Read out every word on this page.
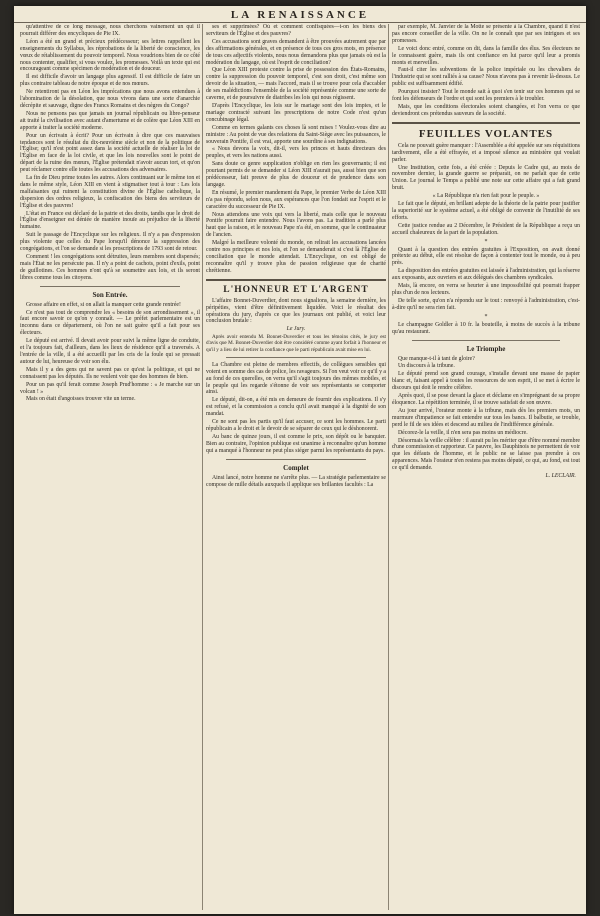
LA RENAISSANCE

qu'attentive de ce long message, nous cherchons vainement un qui il pourrait différer des encycliques de Pie IX.

Léon a été un grand et précieux prédécesseur; ses lettres rappellent les enseignements du Syllabus, les réprobations de la liberté de conscience, les vœux de rétablissement du pouvoir temporel. Nous voudrions bien de ce côté nous contenter, qualifier, si vous voulez, les promesses. Voilà un texte qui est encourageant comme spécimen de modération et de douceur.

Il est difficile d'avoir un langage plus agressif. Il est difficile de faire un plus contraire tableau de notre époque et de nos mœurs.

Ne retentiront pas en Léon les imprécations que nous avons entendues à l'abomination de la désolation, que nous vivons dans une sorte d'anarchie décrépite et sauvage, digne des Francs Romains et des nègres du Congo?

Nous ne pensons pas que jamais un journal républicain ou libre-penseur ait traité la civilisation avec autant d'amertume et de colère que Léon XIII en apporte à traiter la société moderne.

Pour un écrivain à écrit? Pour un écrivain à dire que ces mauvaises tendances sont le résultat du dix-neuvième siècle et non de la politique de l'Église; qu'il n'est point assez dans la société actuelle de réaliser la loi de l'Église en face de la loi civile, et que les lois nouvelles sont le point de départ de la ruine des mœurs, l'Église prétendait n'avoir aucun tort, et qu'on peut réclamer contre elle toutes les accusations des adversaires.

La fin de Dieu prime toutes les autres. Alors continuant sur le même ton et dans le même style, Léon XIII en vient à stigmatiser tout à tour : Les lois malfaisantes qui ruinent la constitution divine de l'Église catholique, la dispersion des ordres religieux, la confiscation des biens des serviteurs de l'Église et des pauvres!

L'état en France est déclaré de la patrie et des droits, tandis que le droit de l'Église d'enseigner est déniée de manière inouïe au préjudice de la liberté humaine.

Suit le passage de l'Encyclique sur les religieux. Il n'y a pas d'expression plus violente que celles du Pape lorsqu'il dénonce la suppression des congrégations, et l'on se demande si les proscriptions de 1793 sont de retour.

Comment ! les congrégations sont détruites, leurs membres sont dispersés; mais l'État ne les persécute pas. Il n'y a point de cachots, point d'exils, point de guillotines. Ces hommes n'ont qu'à se soumettre aux lois, et ils seront libres comme tous les citoyens.

Son Entrée.

Grosse affaire en effet, si on allait la manquer cette grande rentrée!

Ce n'est pas tout de comprendre les « besoins de son arrondissement », il faut encore savoir ce qu'on y connaît. — Le préfet parlementaire est un inconnu dans ce département, où l'on ne sait guère qu'il a fait pour ses électeurs.

Le député est arrivé. Il devait avoir pour suivi la même ligne de conduite, et l'a toujours fait, d'ailleurs, dans les lieux de résidence qu'il a traversés. A l'entrée de la ville, il a été accueilli par les cris de la foule qui se pressait autour de lui, heureuse de voir son élu.

Mais il y a des gens qui ne savent pas ce qu'est la politique, et qui ne connaissent pas les députés. Ils ne veulent voir que des hommes de bien.

Pour un pas qu'il ferait comme Joseph Prud'homme : « Je marche sur un volcan ! »

Mais on était d'angoisses trouver vite un terme.

ses et supprimées? Où et comment confisquées—t-on les biens des serviteurs de l'Église et des pauvres?

Ces accusations sont graves demandent à être prouvées autrement que par des affirmations générales, et en présence de tous ces gros mots, en présence de tous ces adjectifs violents, nous nous demandons plus que jamais où est la modération du langage, où est l'esprit de conciliation?

Que Léon XIII proteste contre la prise de possession des États-Romains, contre la suppression du pouvoir temporel, c'est son droit, c'est même son devoir de la situation, — mais l'accord, mais il se trouve pour cela d'accabler de ses malédictions l'ensemble de la société représentée comme une sorte de caverne, et de poursuivre de diatribes les lois qui nous régissent.

D'après l'Encyclique, les lois sur le mariage sont des lois impies, et le mariage contracté suivant les prescriptions de notre Code n'est qu'un concubinage légal.

Comme en termes galants ces choses là sont mises ! Voulez-vous dire au ministre : Au point de vue des relations du Saint-Siège avec les puissances, le souverain Pontife, il est vrai, apporte une sourdine à ses indignations.

« Nous devons la voix, dit-il, vers les princes et hauts directeurs des peuples, et vers les nations aussi.

Sans doute ce genre supplication n'oblige en rien les gouvernants; il est pourtant permis de se demander si Léon XIII n'aurait pas, aussi bien que son prédécesseur, fait preuve de plus de douceur et de prudence dans son langage.

En résumé, le premier mandement du Pape, le premier Verbe de Léon XIII n'a pas répondu, selon nous, aux espérances que l'on fondait sur l'esprit et le caractère du successeur de Pie IX.

Nous attendons une voix qui vers la liberté, mais celle que le nouveau Pontife pourrait faire entendre. Nous l'avons pas. La tradition a parlé plus haut que la raison, et le nouveau Pape n'a été, en somme, que le continuateur de l'ancien.

Malgré la meilleure volonté du monde, on relirait les accusations lancées contre nos principes et nos lois, et l'on se demanderait si c'est là l'Église de conciliation que le monde attendait. L'Encyclique, on est obligé de reconnaître qu'il y trouve plus de passion religieuse que de charité chrétienne.

L'HONNEUR ET L'ARGENT

L'affaire Bonnet-Duverdier, dont nous signalions, la semaine dernière, les péripéties, vient d'être définitivement liquidée. Voici le résultat des opérations du jury, d'après ce que les journaux ont publié, et voici leur conclusion brutale :

Le Jury.

Après avoir entendu M. Bonnet-Duverdier et tous les témoins cités, le jury est d'avis que M. Bonnet-Duverdier doit être considéré comme ayant forfait à l'honneur et qu'il y a lieu de lui retirer la confiance que le parti républicain avait mise en lui.

La Chambre est pleine de membres effectifs, de collègues sensibles qui voient en somme des cas de police, les ravageurs. Si l'on veut voir ce qu'il y a au fond de ces querelles, on verra qu'il s'agit toujours des mêmes mobiles, et le peuple qui les regarde s'étonne de voir ses représentants se comporter ainsi.

Le député, dit-on, a été mis en demeure de fournir des explications. Il s'y est refusé, et la commission a conclu qu'il avait manqué à la dignité de son mandat.

Ce ne sont pas les partis qu'il faut accuser, ce sont les hommes. Le parti républicain a le droit et le devoir de se séparer de ceux qui le déshonorent.

Au banc de quinze jours, il est comme le prix, son dépôt ou le banquier. Bien au contraire, l'opinion publique est unanime à reconnaître qu'un homme qui a manqué à l'honneur ne peut plus siéger parmi les représentants du pays.

Complet

Ainsi lancé, notre homme ne s'arrête plus. — La stratégie parlementaire se compose de mille détails auxquels il applique ses brillantes facultés : La

par exemple, M. Janvier de la Motte se présente à la Chambre, quand il n'est pas encore conseiller de la ville. On ne le connaît que par ses intrigues et ses promesses.

Le voici donc entré, comme on dit, dans la famille des élus. Ses électeurs ne le connaissent guère, mais ils ont confiance en lui parce qu'il leur a promis monts et merveilles.

Faut-il citer les subventions de la police impériale ou les chevaliers de l'industrie qui se sont ralliés à sa cause? Nous n'avons pas à revenir là-dessus. Le public est suffisamment édifié.

Pourquoi insister? Tout le monde sait à quoi s'en tenir sur ces hommes qui se font les défenseurs de l'ordre et qui sont les premiers à le troubler.

Mais, que les conditions électorales soient changées, et l'on verra ce que deviendront ces prétendus sauveurs de la société.

FEUILLES VOLANTES

Cela ne pouvait guère manquer : l'Assemblée a été appelée sur ses réquisitions tardivement, elle a été effrayée, et a imposé silence au ministère qui voulait parler.

Une Institution, cette fois, a été créée : Depuis le Cadre qui, au mois de novembre dernier, la grande guerre se préparait, on ne parlait que de cette Union. Le journal le Temps a publié une note sur cette affaire qui a fait grand bruit.

« La République n'a rien fait pour le peuple. »

Le fait que le député, en brillant adepte de la théorie de la patrie pour justifier la superiorité sur le système actuel, a été obligé de convenir de l'inutilité de ses efforts.

Cette justice rendue au 2 Décembre, le Président de la République a reçu un accueil chaleureux de la part de la population.

*

Quant à la question des entrées gratuites à l'Exposition, on avait donné prétexte au début, elle est résolue de façon à contenter tout le monde, ou à peu près.

La disposition des entrées gratuites est laissée à l'administration, qui la réserve aux exposants, aux ouvriers et aux délégués des chambres syndicales.

Mais, là encore, on verra se heurter à une impossibilité qui pourrait frapper plus d'un de nos lecteurs.

De telle sorte, qu'on n'a répondu sur le tout : renvoyé à l'administration, c'est-à-dire qu'il ne sera rien fait.

*

Le champagne Goldler à 10 fr. la bouteille, à moins de succès à la tribune qu'au restaurant.

Le Triomphe

Que manque-t-il à tant de gloire?

Un discours à la tribune.

Le député prend son grand courage, s'installe devant une masse de papier blanc et, faisant appel à toutes les ressources de son esprit, il se met à écrire le discours qui doit le rendre célèbre.

Après quoi, il se pose devant la glace et déclame en s'imprégnant de sa propre éloquence. La répétition terminée, il se trouve satisfait de son œuvre.

Au jour arrivé, l'orateur monte à la tribune, mais dès les premiers mots, un murmure d'impatience se fait entendre sur tous les bancs. Il balbutie, se trouble, perd le fil de ses idées et descend au milieu de l'indifférence générale.

Décorez-le la veille, il n'en sera pas moins un médiocre.

Désormais la veille célèbre : il aurait pu les mériter que d'être nommé membre d'une commission et rapporteur. Ce pauvre, les Dauphinois ne permettent de voir que les défauts de l'homme, et le public ne se laisse pas prendre à ces apparences. Mais l'orateur n'en restera pas moins député, ce qui, au fond, est tout ce qu'il demande.

L. LECLAIR.
